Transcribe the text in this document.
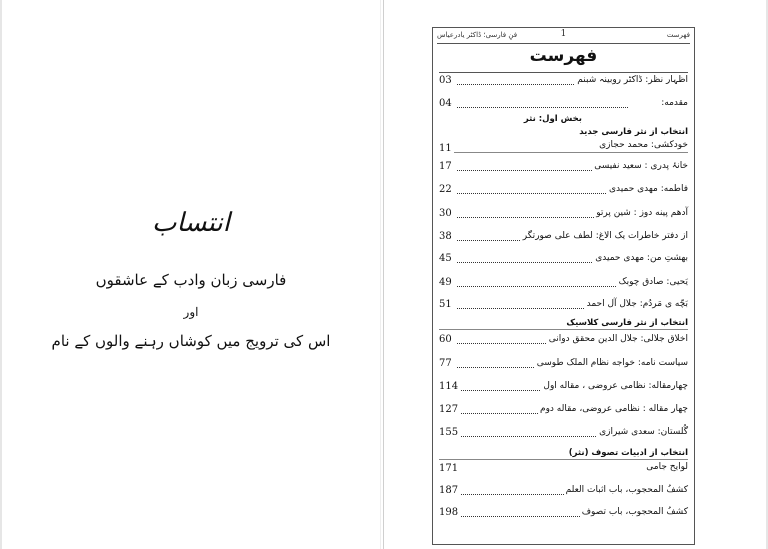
انتساب
فارسی زبان وادب کے عاشقوں
اور
اس کی ترویج میں کوشاں رہنے والوں کے نام
فهرست
1
فنِ فارسی؛ ڈاکٹر یادرعیاس
فهرست
اظہار نظر: ڈاکٹر روبینہ شبنم
03
مقدمه:
04
بخش اول: نثر
انتخاب از نثر فارسی جدید
خودکشی: محمد حجازی
11
خانۂ پدری : سعید نفیسی
17
فاطمه: مهدی حمیدی
22
آدهم پینه دوز : شین پرتو
30
از دفتر خاطرات یک الاغ: لطف علی صورتگر
38
بهشتِ من: مهدی حمیدی
45
یَحیی: صادق چوبک
49
بَچّه ی مَردُم: جلال آل احمد
51
انتخاب از نثر فارسی کلاسیک
اخلاق جلالی: جلال الدین محقق دوانی
60
سیاست نامه: خواجه نظام الملک طوسی
77
چهارمقاله: نظامی عروضی ، مقاله اول
114
چهار مقاله : نظامی عروضی، مقاله دوم
127
گُلستان: سعدی شیرازی
155
انتخاب از ادبیات تصوف (نثر)
لوایح جامی
171
کشفُ المحجوب، باب اثبات العلم
187
کشفُ المحجوب، باب تصوف
198
